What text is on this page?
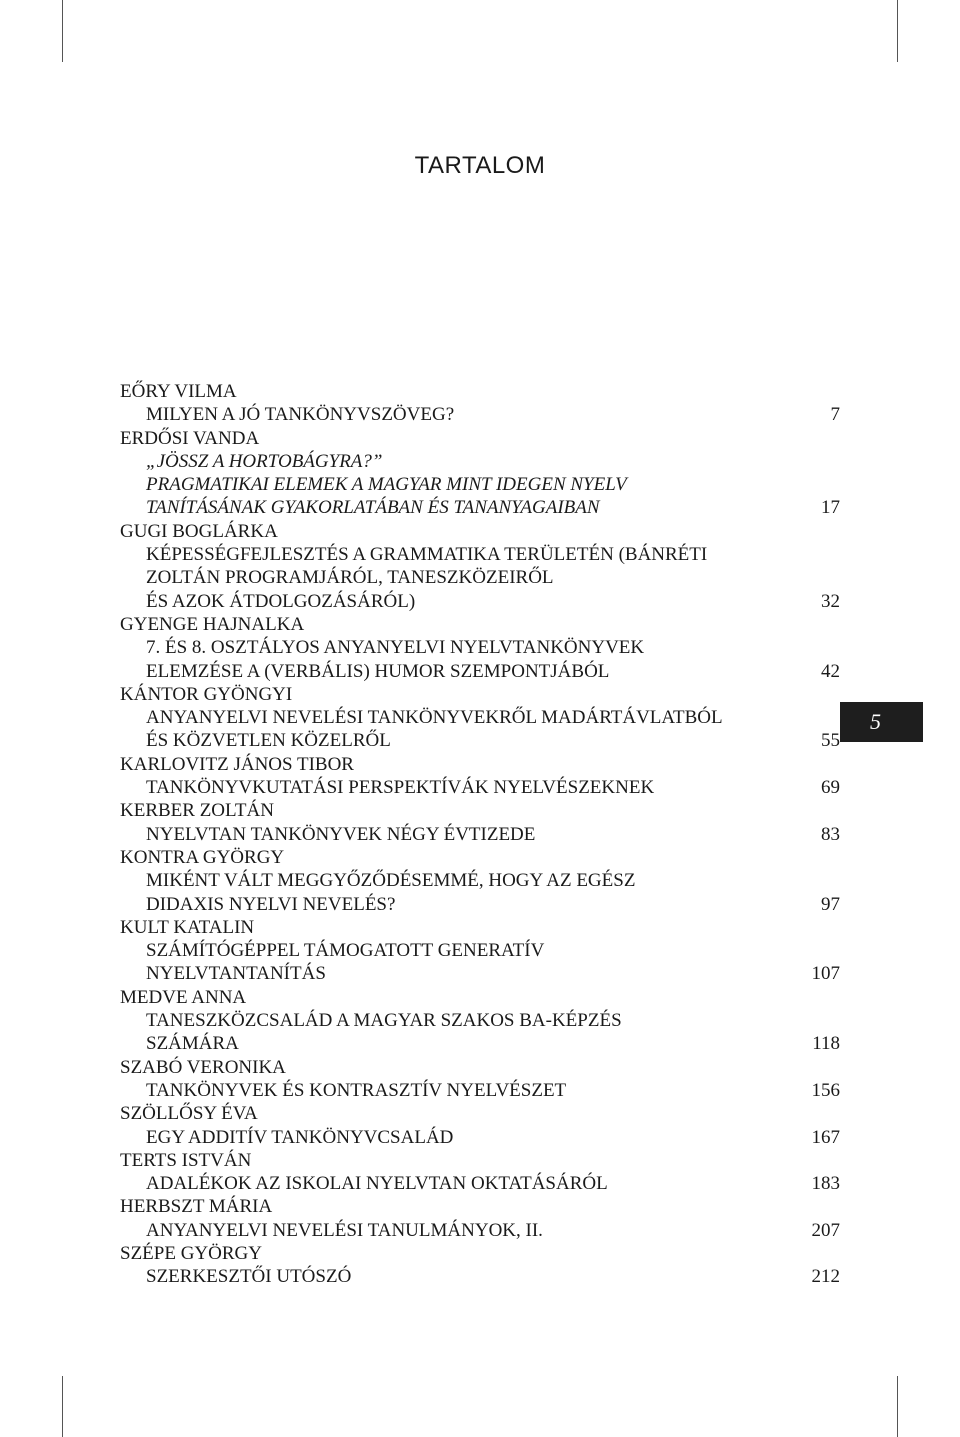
TARTALOM
EŐRY VILMA
MILYEN A JÓ TANKÖNYVSZÖVEG?	7
ERDŐSI VANDA
„JÖSSZ A HORTOBÁGYRA?”
PRAGMATIKAI ELEMEK A MAGYAR MINT IDEGEN NYELV
TANÍTÁSÁNAK GYAKORLATÁBAN ÉS TANANYAGAIBAN	17
GUGI BOGLÁRKA
KÉPESSÉGFEJLESZTÉS A GRAMMATIKA TERÜLETÉN (BÁNRÉTI
ZOLTÁN PROGRAMJÁRÓL, TANESZKÖZEIRŐL
ÉS AZOK ÁTDOLGOZÁSÁRÓL)	32
GYENGE HAJNALKA
7. ÉS 8. OSZTÁLYOS ANYANYELVI NYELVTANKÖNYVEK
ELEMZÉSE A (VERBÁLIS) HUMOR SZEMPONTJÁBÓL	42
KÁNTOR GYÖNGYI
ANYANYELVI NEVELÉSI TANKÖNYVEKRŐL MADÁRTÁVLATBÓL
ÉS KÖZVETLEN KÖZELRŐL	55
KARLOVITZ JÁNOS TIBOR
TANKÖNYVKUTATÁSI PERSPEKTÍVÁK NYELVÉSZEKNEK	69
KERBER ZOLTÁN
NYELVTAN TANKÖNYVEK NÉGY ÉVTIZEDE	83
KONTRA GYÖRGY
MIKÉNT VÁLT MEGGYŐZŐDÉSEMMÉ, HOGY AZ EGÉSZ
DIDAXIS NYELVI NEVELÉS?	97
KULT KATALIN
SZÁMÍTÓGÉPPEL TÁMOGATOTT GENERATÍV
NYELVTANTANÍTÁS	107
MEDVE ANNA
TANESZKÖZCSALÁD A MAGYAR SZAKOS BA-KÉPZÉS
SZÁMÁRA	118
SZABÓ VERONIKA
TANKÖNYVEK ÉS KONTRASZTÍV NYELVÉSZET	156
SZÖLLŐSY ÉVA
EGY ADDITÍV TANKÖNYVCSALÁD	167
TERTS ISTVÁN
ADALÉKOK AZ ISKOLAI NYELVTAN OKTATÁSÁRÓL	183
HERBSZT MÁRIA
ANYANYELVI NEVELÉSI TANULMÁNYOK, II.	207
SZÉPE GYÖRGY
SZERKESZTŐI UTÓSZÓ	212
5
